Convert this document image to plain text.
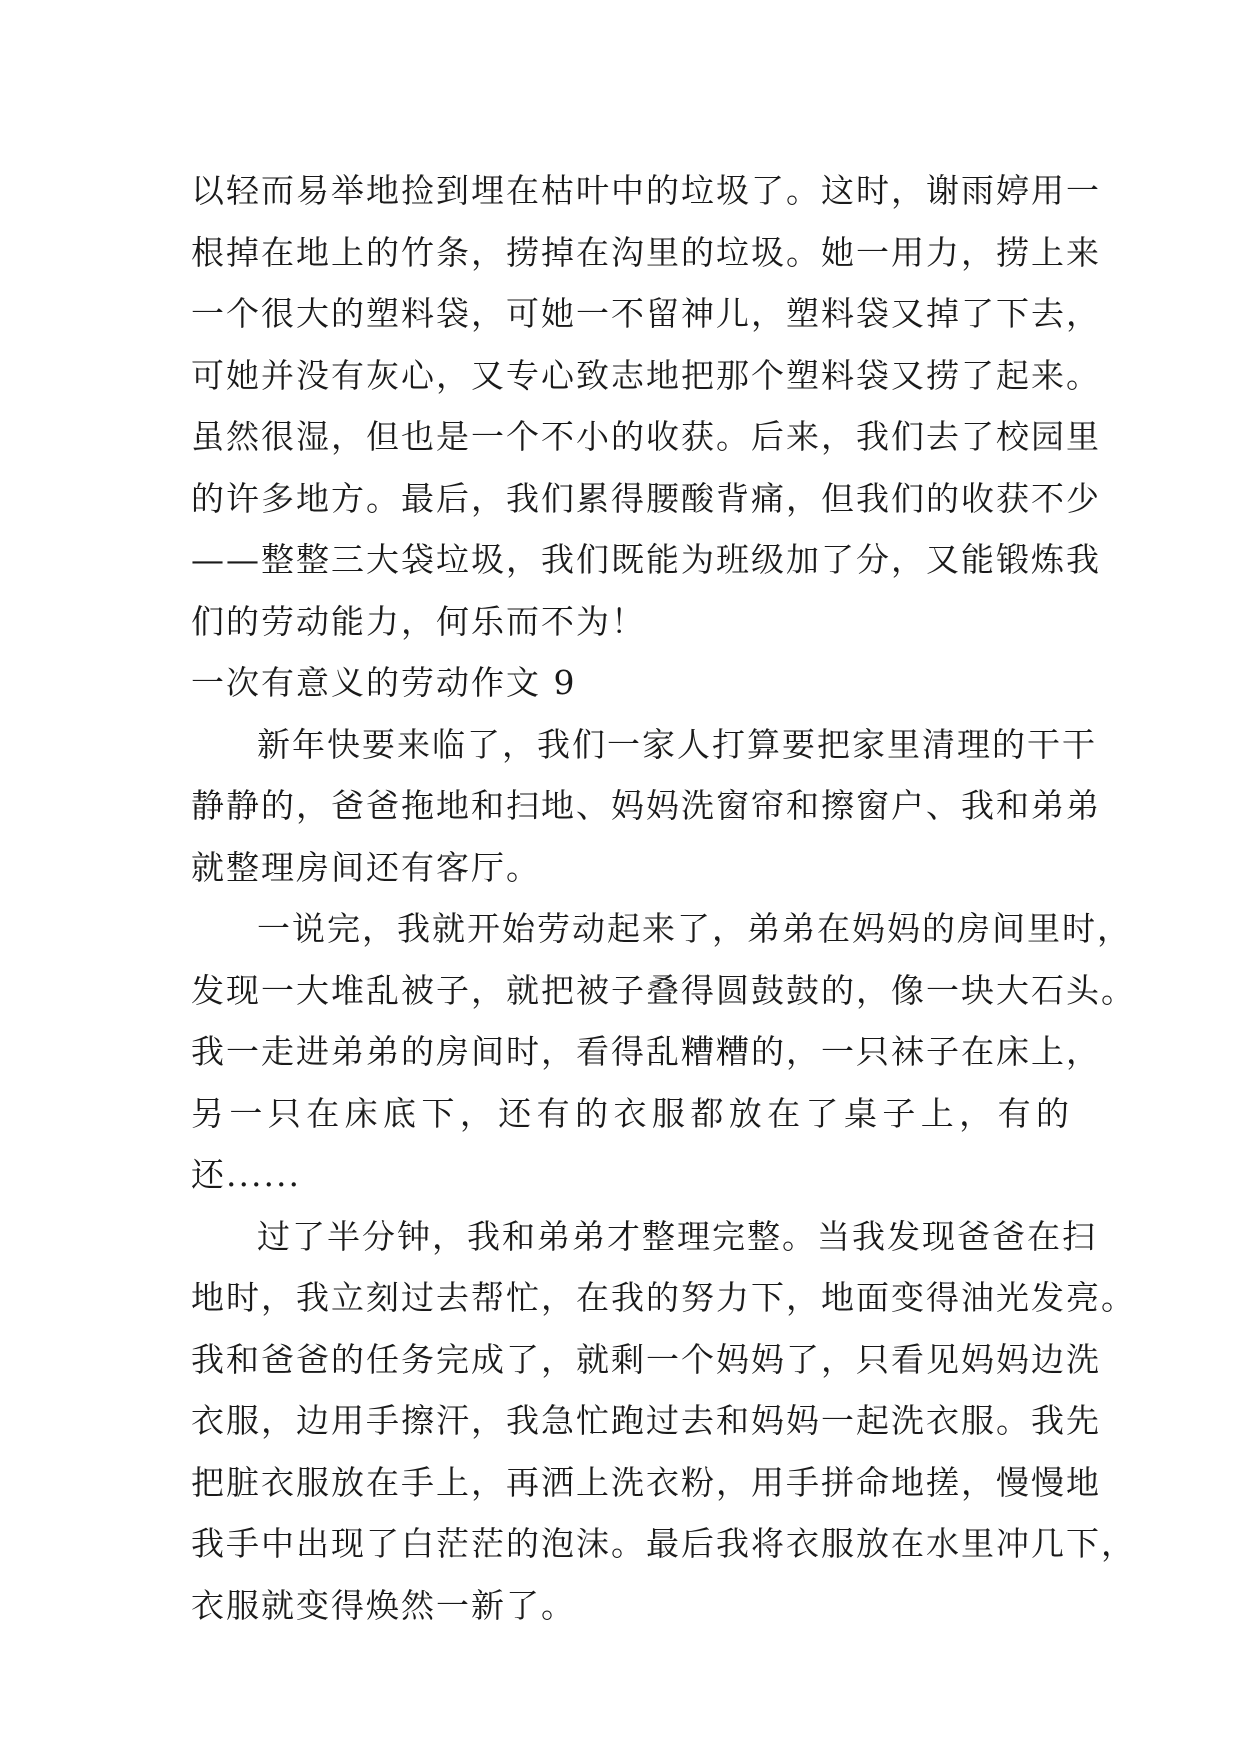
以轻而易举地捡到埋在枯叶中的垃圾了。这时，谢雨婷用一
根掉在地上的竹条，捞掉在沟里的垃圾。她一用力，捞上来
一个很大的塑料袋，可她一不留神儿，塑料袋又掉了下去，
可她并没有灰心，又专心致志地把那个塑料袋又捞了起来。
虽然很湿，但也是一个不小的收获。后来，我们去了校园里
的许多地方。最后，我们累得腰酸背痛，但我们的收获不少
——整整三大袋垃圾，我们既能为班级加了分，又能锻炼我
们的劳动能力，何乐而不为！
一次有意义的劳动作文 9
新年快要来临了，我们一家人打算要把家里清理的干干
静静的，爸爸拖地和扫地、妈妈洗窗帘和擦窗户、我和弟弟
就整理房间还有客厅。
一说完，我就开始劳动起来了，弟弟在妈妈的房间里时，
发现一大堆乱被子，就把被子叠得圆鼓鼓的，像一块大石头。
我一走进弟弟的房间时，看得乱糟糟的，一只袜子在床上，
另一只在床底下，还有的衣服都放在了桌子上，有的
还......
过了半分钟，我和弟弟才整理完整。当我发现爸爸在扫
地时，我立刻过去帮忙，在我的努力下，地面变得油光发亮。
我和爸爸的任务完成了，就剩一个妈妈了，只看见妈妈边洗
衣服，边用手擦汗，我急忙跑过去和妈妈一起洗衣服。我先
把脏衣服放在手上，再洒上洗衣粉，用手拼命地搓，慢慢地
我手中出现了白茫茫的泡沫。最后我将衣服放在水里冲几下，
衣服就变得焕然一新了。
